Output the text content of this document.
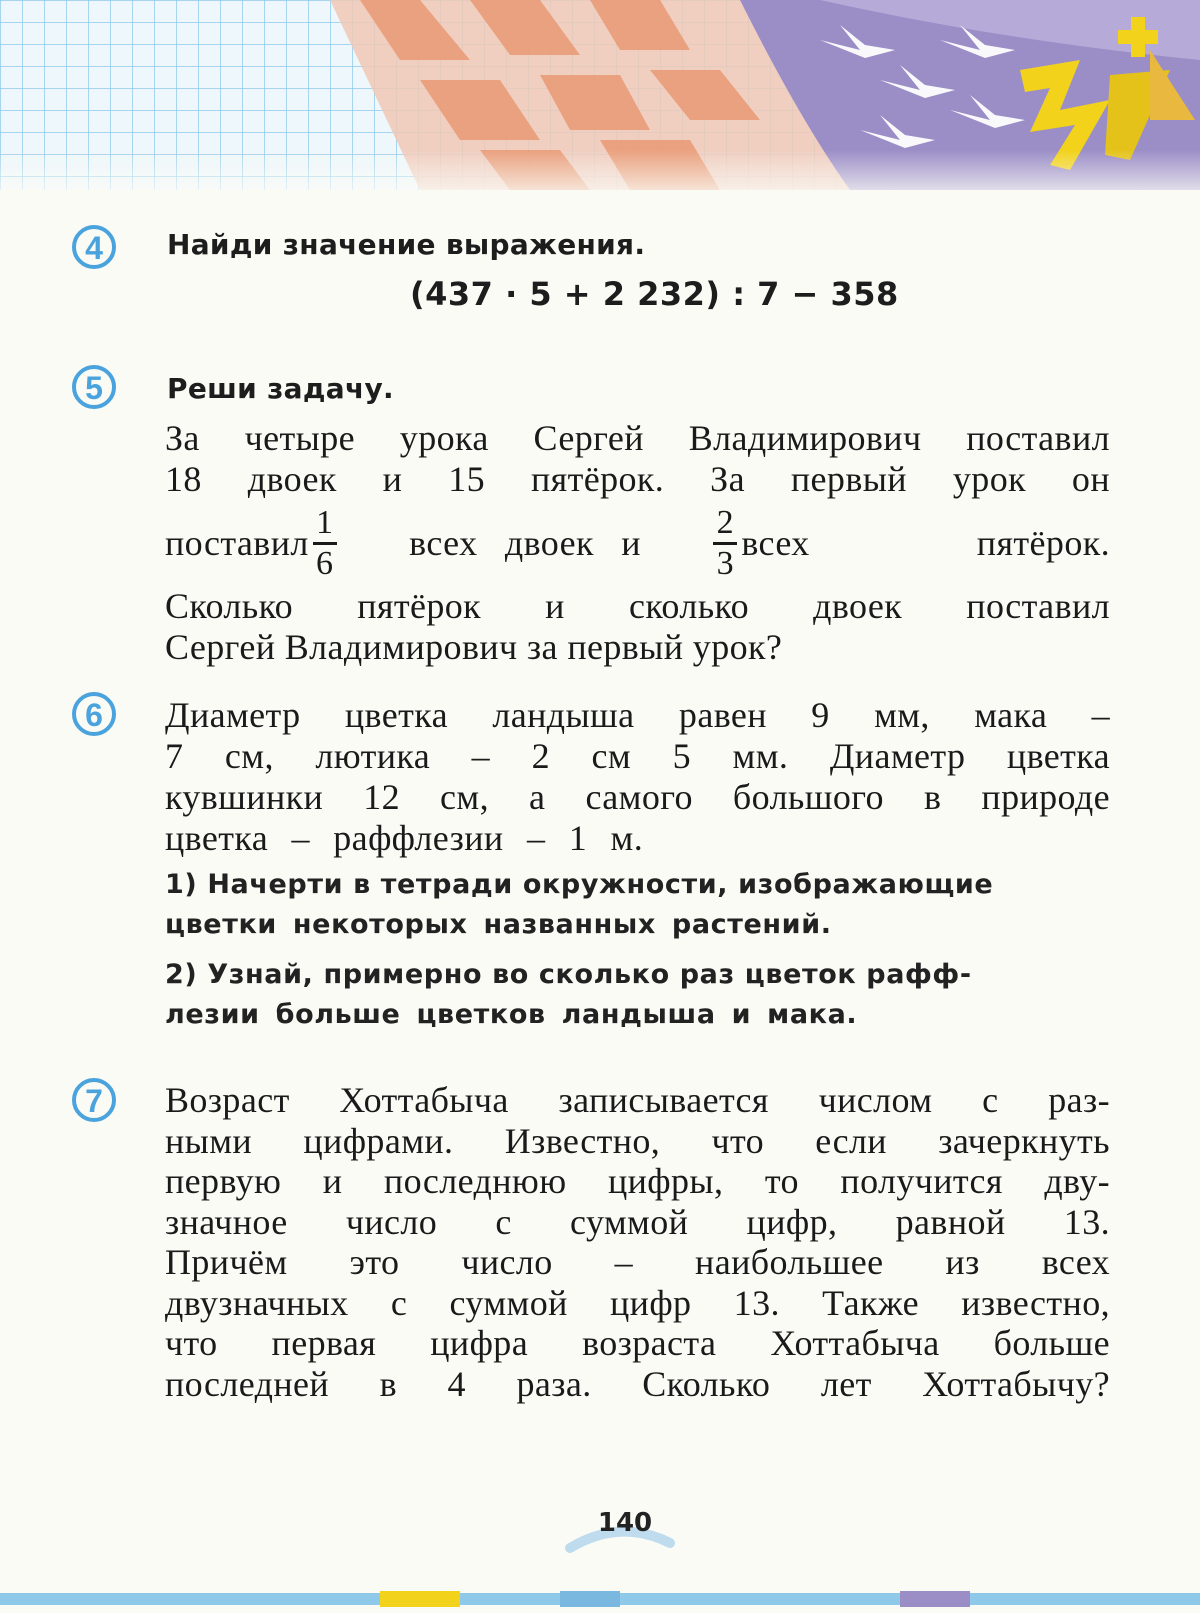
4 Найди значение выражения.
(437 · 5 + 2 232) : 7 − 358
5 Реши задачу.
За четыре урока Сергей Владимирович поставил
18 двоек и 15 пятёрок. За первый урок он
поставил $\frac{1}{6}$ всех двоек и $\frac{2}{3}$ всех пятёрок.
Сколько пятёрок и сколько двоек поставил
Сергей Владимирович за первый урок?
6 Диаметр цветка ландыша равен 9 мм, мака –
7 см, лютика – 2 см 5 мм. Диаметр цветка
кувшинки 12 см, а самого большого в природе
цветка – раффлезии – 1 м.
1) Начерти в тетради окружности, изображающие
цветки некоторых названных растений.
2) Узнай, примерно во сколько раз цветок рафф-
лезии больше цветков ландыша и мака.
7 Возраст Хоттабыча записывается числом с раз-
ными цифрами. Известно, что если зачеркнуть
первую и последнюю цифры, то получится дву-
значное число с суммой цифр, равной 13.
Причём это число – наибольшее из всех
двузначных с суммой цифр 13. Также известно,
что первая цифра возраста Хоттабыча больше
последней в 4 раза. Сколько лет Хоттабычу?
140
